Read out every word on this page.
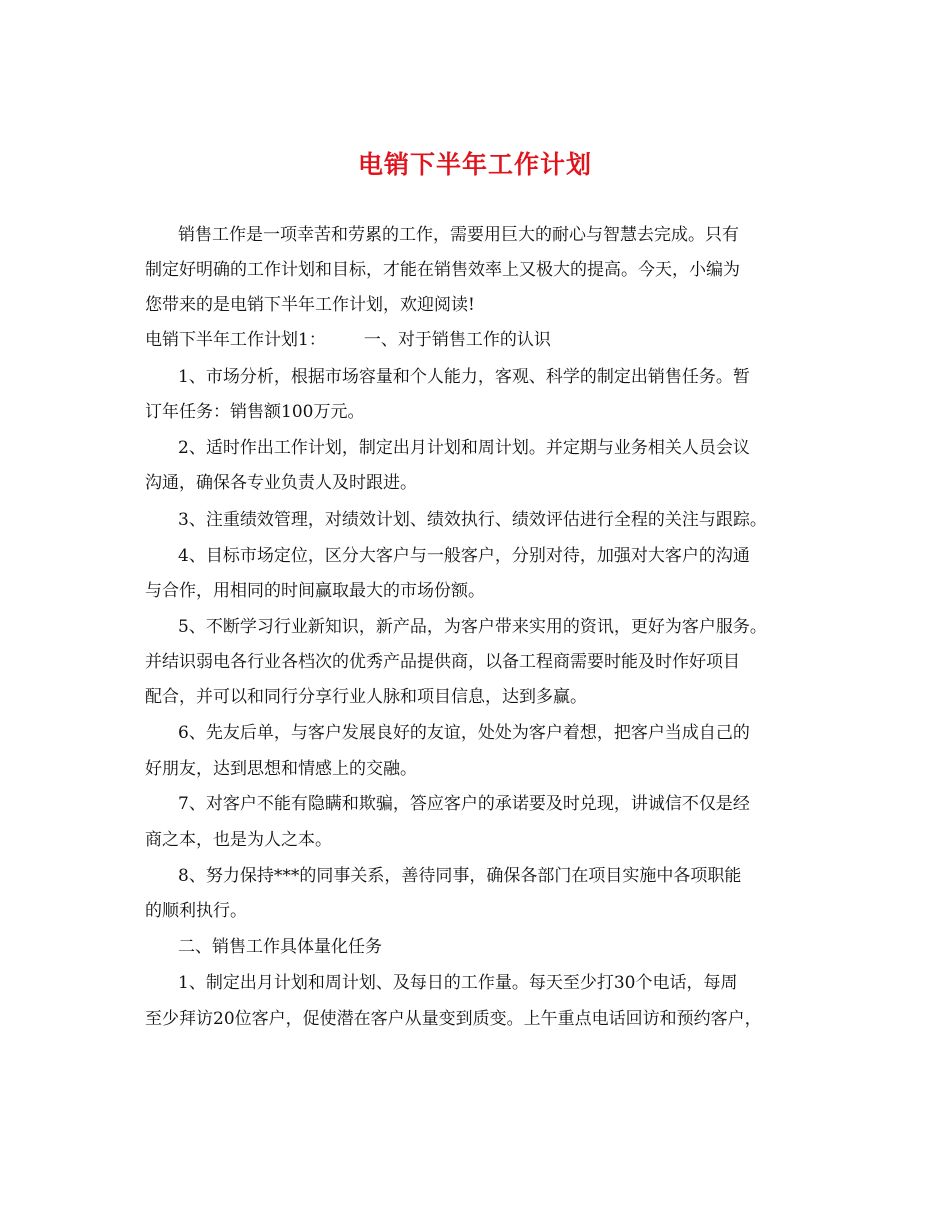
电销下半年工作计划
销售工作是一项幸苦和劳累的工作，需要用巨大的耐心与智慧去完成。只有
制定好明确的工作计划和目标，才能在销售效率上又极大的提高。今天，小编为
您带来的是电销下半年工作计划，欢迎阅读!
电销下半年工作计划1： 一、对于销售工作的认识
1、市场分析，根据市场容量和个人能力，客观、科学的制定出销售任务。暂
订年任务：销售额100万元。
2、适时作出工作计划，制定出月计划和周计划。并定期与业务相关人员会议
沟通，确保各专业负责人及时跟进。
3、注重绩效管理，对绩效计划、绩效执行、绩效评估进行全程的关注与跟踪。
4、目标市场定位，区分大客户与一般客户，分别对待，加强对大客户的沟通
与合作，用相同的时间赢取最大的市场份额。
5、不断学习行业新知识，新产品，为客户带来实用的资讯，更好为客户服务。
并结识弱电各行业各档次的优秀产品提供商，以备工程商需要时能及时作好项目
配合，并可以和同行分享行业人脉和项目信息，达到多赢。
6、先友后单，与客户发展良好的友谊，处处为客户着想，把客户当成自己的
好朋友，达到思想和情感上的交融。
7、对客户不能有隐瞒和欺骗，答应客户的承诺要及时兑现，讲诚信不仅是经
商之本，也是为人之本。
8、努力保持***的同事关系，善待同事，确保各部门在项目实施中各项职能
的顺利执行。
二、销售工作具体量化任务
1、制定出月计划和周计划、及每日的工作量。每天至少打30个电话，每周
至少拜访20位客户，促使潜在客户从量变到质变。上午重点电话回访和预约客户，
